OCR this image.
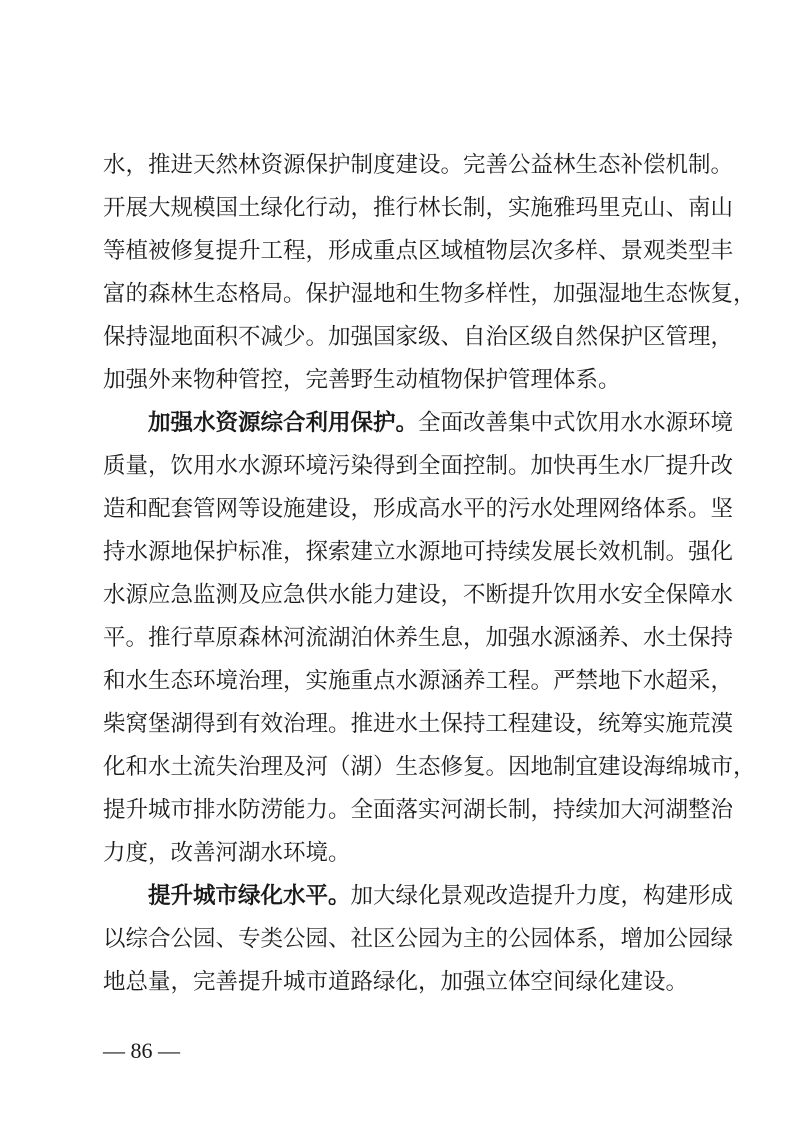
水，推进天然林资源保护制度建设。完善公益林生态补偿机制。
开展大规模国土绿化行动，推行林长制，实施雅玛里克山、南山
等植被修复提升工程，形成重点区域植物层次多样、景观类型丰
富的森林生态格局。保护湿地和生物多样性，加强湿地生态恢复，
保持湿地面积不减少。加强国家级、自治区级自然保护区管理，
加强外来物种管控，完善野生动植物保护管理体系。
加强水资源综合利用保护。全面改善集中式饮用水水源环境
质量，饮用水水源环境污染得到全面控制。加快再生水厂提升改
造和配套管网等设施建设，形成高水平的污水处理网络体系。坚
持水源地保护标准，探索建立水源地可持续发展长效机制。强化
水源应急监测及应急供水能力建设，不断提升饮用水安全保障水
平。推行草原森林河流湖泊休养生息，加强水源涵养、水土保持
和水生态环境治理，实施重点水源涵养工程。严禁地下水超采，
柴窝堡湖得到有效治理。推进水土保持工程建设，统筹实施荒漠
化和水土流失治理及河（湖）生态修复。因地制宜建设海绵城市，
提升城市排水防涝能力。全面落实河湖长制，持续加大河湖整治
力度，改善河湖水环境。
提升城市绿化水平。加大绿化景观改造提升力度，构建形成
以综合公园、专类公园、社区公园为主的公园体系，增加公园绿
地总量，完善提升城市道路绿化，加强立体空间绿化建设。
— 86 —
